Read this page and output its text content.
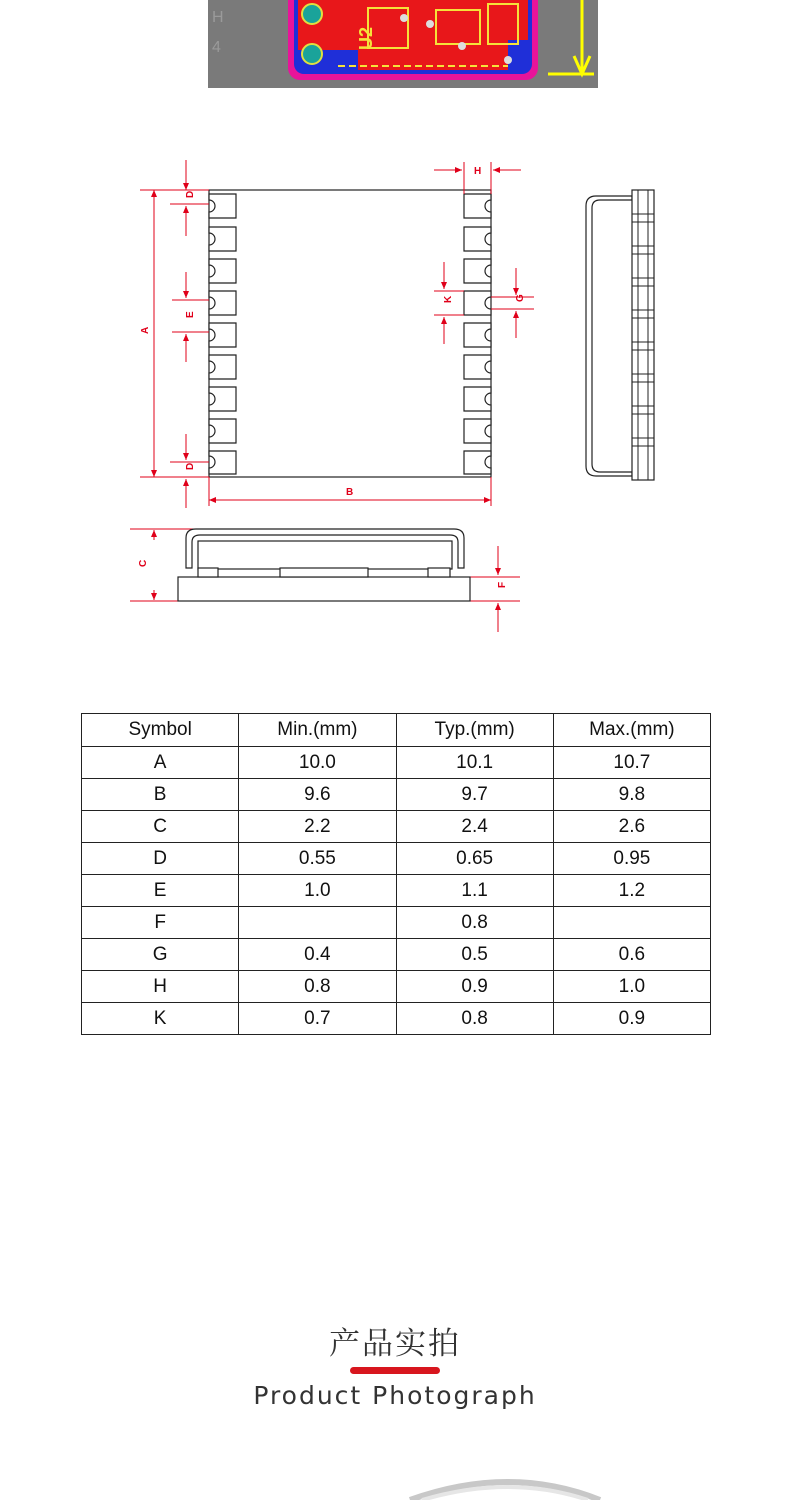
H
4	U2
A
B
C
D
D
E
F
G
H
K
Symbol	Min.(mm)	Typ.(mm)	Max.(mm)
A	10.0	10.1	10.7
B	9.6	9.7	9.8
C	2.2	2.4	2.6
D	0.55	0.65	0.95
E	1.0	1.1	1.2
F		0.8	
G	0.4	0.5	0.6
H	0.8	0.9	1.0
K	0.7	0.8	0.9
产品实拍
Product Photograph
